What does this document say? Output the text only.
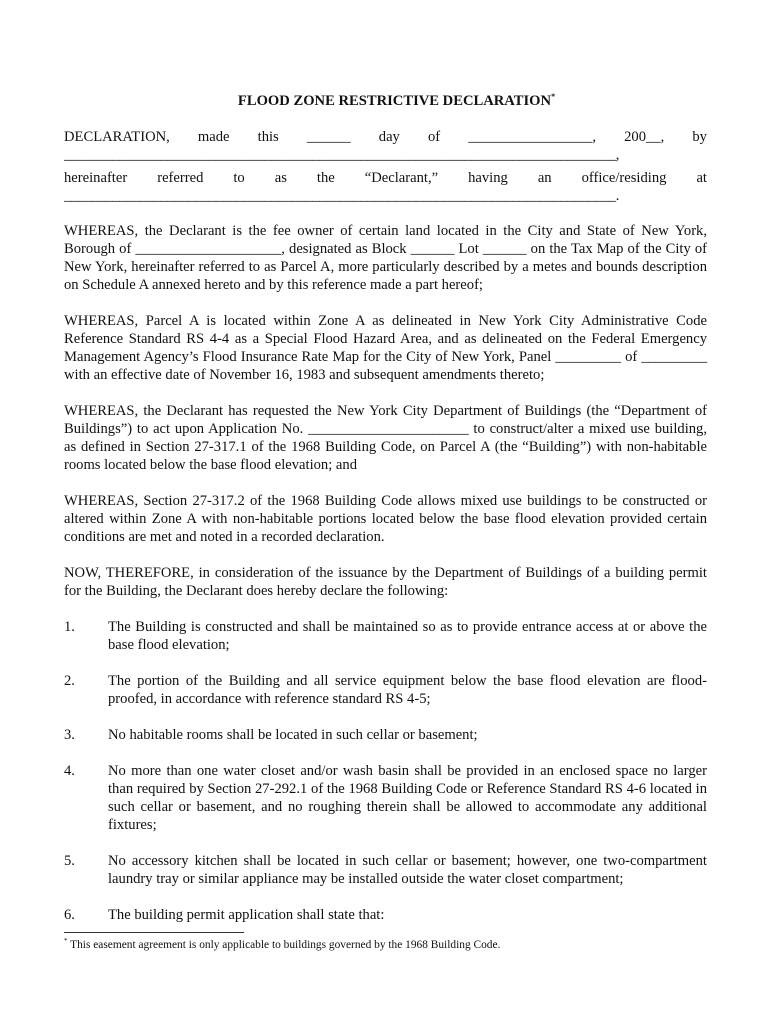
FLOOD ZONE RESTRICTIVE DECLARATION*
DECLARATION, made this ______ day of _________________, 200__, by
________________________________________________________________________________,
hereinafter referred to as the “Declarant,” having an office/residing at
________________________________________________________________________________.

WHEREAS, the Declarant is the fee owner of certain land located in the City and State of New York, Borough of ____________________, designated as Block ______ Lot ______ on the Tax Map of the City of New York, hereinafter referred to as Parcel A, more particularly described by a metes and bounds description on Schedule A annexed hereto and by this reference made a part hereof;

WHEREAS, Parcel A is located within Zone A as delineated in New York City Administrative Code Reference Standard RS 4-4 as a Special Flood Hazard Area, and as delineated on the Federal Emergency Management Agency’s Flood Insurance Rate Map for the City of New York, Panel _________ of _________ with an effective date of November 16, 1983 and subsequent amendments thereto;

WHEREAS, the Declarant has requested the New York City Department of Buildings (the “Department of Buildings”) to act upon Application No. ______________________ to construct/alter a mixed use building, as defined in Section 27-317.1 of the 1968 Building Code, on Parcel A (the “Building”) with non-habitable rooms located below the base flood elevation; and

WHEREAS, Section 27-317.2 of the 1968 Building Code allows mixed use buildings to be constructed or altered within Zone A with non-habitable portions located below the base flood elevation provided certain conditions are met and noted in a recorded declaration.

NOW, THEREFORE, in consideration of the issuance by the Department of Buildings of a building permit for the Building, the Declarant does hereby declare the following:

1.	The Building is constructed and shall be maintained so as to provide entrance access at or above the base flood elevation;
2.	The portion of the Building and all service equipment below the base flood elevation are flood-proofed, in accordance with reference standard RS 4-5;
3.	No habitable rooms shall be located in such cellar or basement;
4.	No more than one water closet and/or wash basin shall be provided in an enclosed space no larger than required by Section 27-292.1 of the 1968 Building Code or Reference Standard RS 4-6 located in such cellar or basement, and no roughing therein shall be allowed to accommodate any additional fixtures;
5.	No accessory kitchen shall be located in such cellar or basement; however, one two-compartment laundry tray or similar appliance may be installed outside the water closet compartment;
6.	The building permit application shall state that:
* This easement agreement is only applicable to buildings governed by the 1968 Building Code.
